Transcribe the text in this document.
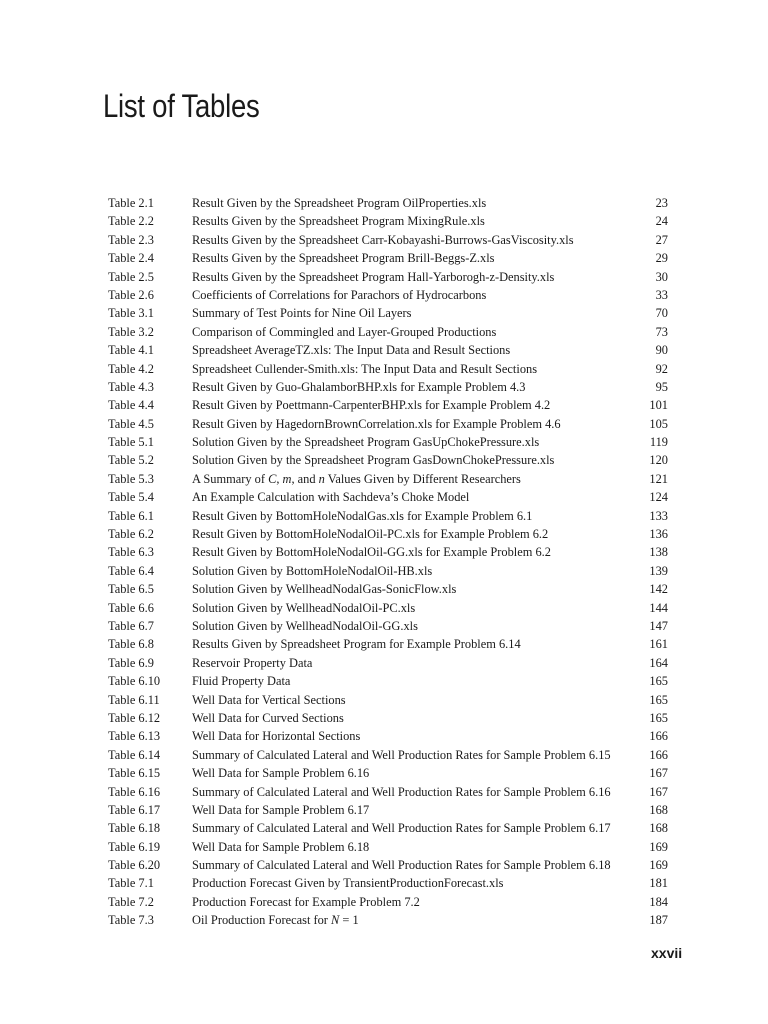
List of Tables
Table 2.1	Result Given by the Spreadsheet Program OilProperties.xls	23
Table 2.2	Results Given by the Spreadsheet Program MixingRule.xls	24
Table 2.3	Results Given by the Spreadsheet Carr-Kobayashi-Burrows-GasViscosity.xls	27
Table 2.4	Results Given by the Spreadsheet Program Brill-Beggs-Z.xls	29
Table 2.5	Results Given by the Spreadsheet Program Hall-Yarborogh-z-Density.xls	30
Table 2.6	Coefficients of Correlations for Parachors of Hydrocarbons	33
Table 3.1	Summary of Test Points for Nine Oil Layers	70
Table 3.2	Comparison of Commingled and Layer-Grouped Productions	73
Table 4.1	Spreadsheet AverageTZ.xls: The Input Data and Result Sections	90
Table 4.2	Spreadsheet Cullender-Smith.xls: The Input Data and Result Sections	92
Table 4.3	Result Given by Guo-GhalamborBHP.xls for Example Problem 4.3	95
Table 4.4	Result Given by Poettmann-CarpenterBHP.xls for Example Problem 4.2	101
Table 4.5	Result Given by HagedornBrownCorrelation.xls for Example Problem 4.6	105
Table 5.1	Solution Given by the Spreadsheet Program GasUpChokePressure.xls	119
Table 5.2	Solution Given by the Spreadsheet Program GasDownChokePressure.xls	120
Table 5.3	A Summary of C, m, and n Values Given by Different Researchers	121
Table 5.4	An Example Calculation with Sachdeva’s Choke Model	124
Table 6.1	Result Given by BottomHoleNodalGas.xls for Example Problem 6.1	133
Table 6.2	Result Given by BottomHoleNodalOil-PC.xls for Example Problem 6.2	136
Table 6.3	Result Given by BottomHoleNodalOil-GG.xls for Example Problem 6.2	138
Table 6.4	Solution Given by BottomHoleNodalOil-HB.xls	139
Table 6.5	Solution Given by WellheadNodalGas-SonicFlow.xls	142
Table 6.6	Solution Given by WellheadNodalOil-PC.xls	144
Table 6.7	Solution Given by WellheadNodalOil-GG.xls	147
Table 6.8	Results Given by Spreadsheet Program for Example Problem 6.14	161
Table 6.9	Reservoir Property Data	164
Table 6.10	Fluid Property Data	165
Table 6.11	Well Data for Vertical Sections	165
Table 6.12	Well Data for Curved Sections	165
Table 6.13	Well Data for Horizontal Sections	166
Table 6.14	Summary of Calculated Lateral and Well Production Rates for Sample Problem 6.15	166
Table 6.15	Well Data for Sample Problem 6.16	167
Table 6.16	Summary of Calculated Lateral and Well Production Rates for Sample Problem 6.16	167
Table 6.17	Well Data for Sample Problem 6.17	168
Table 6.18	Summary of Calculated Lateral and Well Production Rates for Sample Problem 6.17	168
Table 6.19	Well Data for Sample Problem 6.18	169
Table 6.20	Summary of Calculated Lateral and Well Production Rates for Sample Problem 6.18	169
Table 7.1	Production Forecast Given by TransientProductionForecast.xls	181
Table 7.2	Production Forecast for Example Problem 7.2	184
Table 7.3	Oil Production Forecast for N = 1	187
xxvii
